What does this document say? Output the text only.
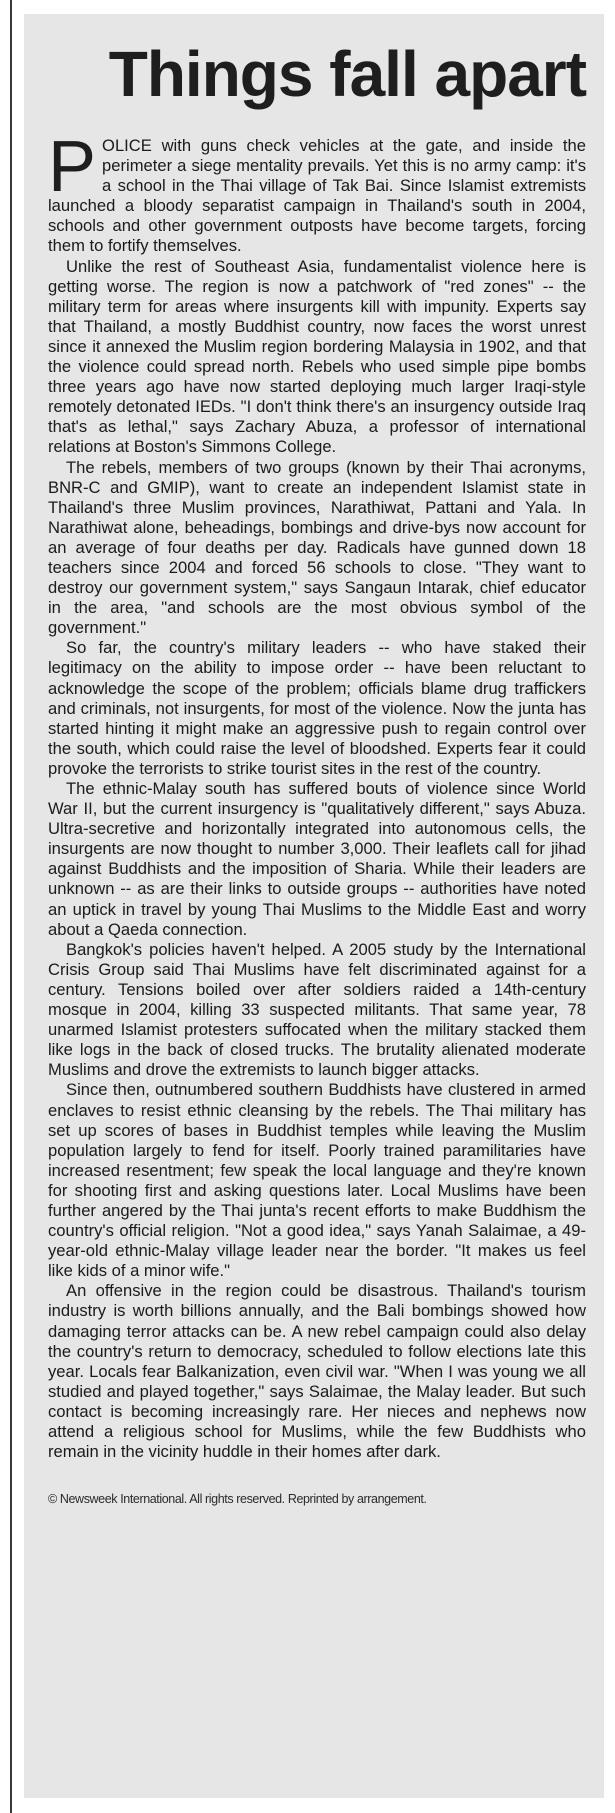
Things fall apart

POLICE with guns check vehicles at the gate, and inside the perimeter a siege mentality prevails. Yet this is no army camp: it's a school in the Thai village of Tak Bai. Since Islamist extremists launched a bloody separatist campaign in Thailand's south in 2004, schools and other government outposts have become targets, forcing them to fortify themselves.

Unlike the rest of Southeast Asia, fundamentalist violence here is getting worse. The region is now a patchwork of "red zones" -- the military term for areas where insurgents kill with impunity. Experts say that Thailand, a mostly Buddhist country, now faces the worst unrest since it annexed the Muslim region bordering Malaysia in 1902, and that the violence could spread north. Rebels who used simple pipe bombs three years ago have now started deploying much larger Iraqi-style remotely detonated IEDs. "I don't think there's an insurgency outside Iraq that's as lethal," says Zachary Abuza, a professor of international relations at Boston's Simmons College.

The rebels, members of two groups (known by their Thai acronyms, BNR-C and GMIP), want to create an independent Islamist state in Thailand's three Muslim provinces, Narathiwat, Pattani and Yala. In Narathiwat alone, beheadings, bombings and drive-bys now account for an average of four deaths per day. Radicals have gunned down 18 teachers since 2004 and forced 56 schools to close. "They want to destroy our government system," says Sangaun Intarak, chief educator in the area, "and schools are the most obvious symbol of the government."

So far, the country's military leaders -- who have staked their legitimacy on the ability to impose order -- have been reluctant to acknowledge the scope of the problem; officials blame drug traffickers and criminals, not insurgents, for most of the violence. Now the junta has started hinting it might make an aggressive push to regain control over the south, which could raise the level of bloodshed. Experts fear it could provoke the terrorists to strike tourist sites in the rest of the country.

The ethnic-Malay south has suffered bouts of violence since World War II, but the current insurgency is "qualitatively different," says Abuza. Ultra-secretive and horizontally integrated into autonomous cells, the insurgents are now thought to number 3,000. Their leaflets call for jihad against Buddhists and the imposition of Sharia. While their leaders are unknown -- as are their links to outside groups -- authorities have noted an uptick in travel by young Thai Muslims to the Middle East and worry about a Qaeda connection.

Bangkok's policies haven't helped. A 2005 study by the International Crisis Group said Thai Muslims have felt discriminated against for a century. Tensions boiled over after soldiers raided a 14th-century mosque in 2004, killing 33 suspected militants. That same year, 78 unarmed Islamist protesters suffocated when the military stacked them like logs in the back of closed trucks. The brutality alienated moderate Muslims and drove the extremists to launch bigger attacks.

Since then, outnumbered southern Buddhists have clustered in armed enclaves to resist ethnic cleansing by the rebels. The Thai military has set up scores of bases in Buddhist temples while leaving the Muslim population largely to fend for itself. Poorly trained paramilitaries have increased resentment; few speak the local language and they're known for shooting first and asking questions later. Local Muslims have been further angered by the Thai junta's recent efforts to make Buddhism the country's official religion. "Not a good idea," says Yanah Salaimae, a 49-year-old ethnic-Malay village leader near the border. "It makes us feel like kids of a minor wife."

An offensive in the region could be disastrous. Thailand's tourism industry is worth billions annually, and the Bali bombings showed how damaging terror attacks can be. A new rebel campaign could also delay the country's return to democracy, scheduled to follow elections late this year. Locals fear Balkanization, even civil war. "When I was young we all studied and played together," says Salaimae, the Malay leader. But such contact is becoming increasingly rare. Her nieces and nephews now attend a religious school for Muslims, while the few Buddhists who remain in the vicinity huddle in their homes after dark.

© Newsweek International. All rights reserved. Reprinted by arrangement.
